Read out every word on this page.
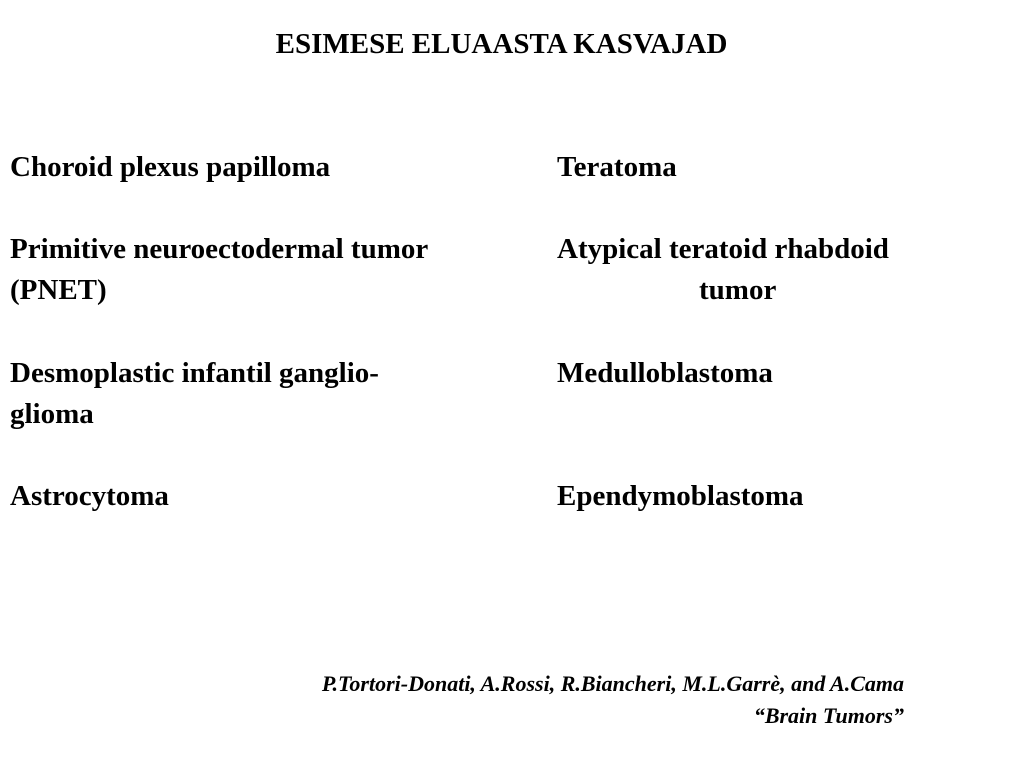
ESIMESE ELUAASTA KASVAJAD
Choroid plexus papilloma
Primitive neuroectodermal tumor
(PNET)
Desmoplastic infantil ganglio-
glioma
Astrocytoma
Teratoma
Atypical teratoid rhabdoid
tumor
Medulloblastoma
Ependymoblastoma
P.Tortori-Donati, A.Rossi, R.Biancheri, M.L.Garrè, and A.Cama
“Brain Tumors”
